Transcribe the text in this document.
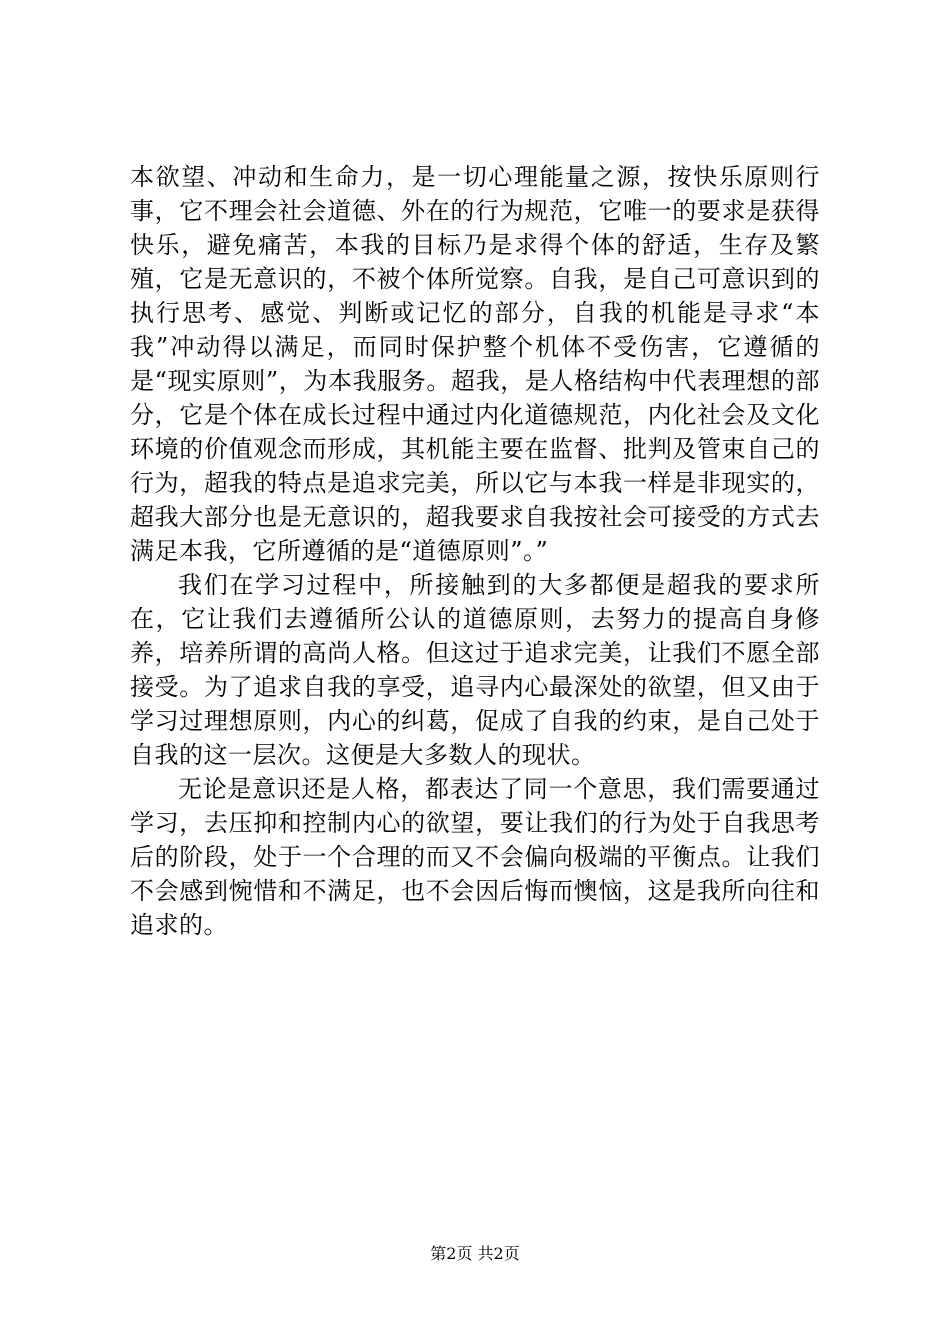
本欲望、冲动和生命力，是一切心理能量之源，按快乐原则行事，它不理会社会道德、外在的行为规范，它唯一的要求是获得快乐，避免痛苦，本我的目标乃是求得个体的舒适，生存及繁殖，它是无意识的，不被个体所觉察。自我，是自己可意识到的执行思考、感觉、判断或记忆的部分，自我的机能是寻求“本我”冲动得以满足，而同时保护整个机体不受伤害，它遵循的是“现实原则”，为本我服务。超我，是人格结构中代表理想的部分，它是个体在成长过程中通过内化道德规范，内化社会及文化环境的价值观念而形成，其机能主要在监督、批判及管束自己的行为，超我的特点是追求完美，所以它与本我一样是非现实的，超我大部分也是无意识的，超我要求自我按社会可接受的方式去满足本我，它所遵循的是“道德原则”。”

我们在学习过程中，所接触到的大多都便是超我的要求所在，它让我们去遵循所公认的道德原则，去努力的提高自身修养，培养所谓的高尚人格。但这过于追求完美，让我们不愿全部接受。为了追求自我的享受，追寻内心最深处的欲望，但又由于学习过理想原则，内心的纠葛，促成了自我的约束，是自己处于自我的这一层次。这便是大多数人的现状。

无论是意识还是人格，都表达了同一个意思，我们需要通过学习，去压抑和控制内心的欲望，要让我们的行为处于自我思考后的阶段，处于一个合理的而又不会偏向极端的平衡点。让我们不会感到惋惜和不满足，也不会因后悔而懊恼，这是我所向往和追求的。

第2页 共2页
